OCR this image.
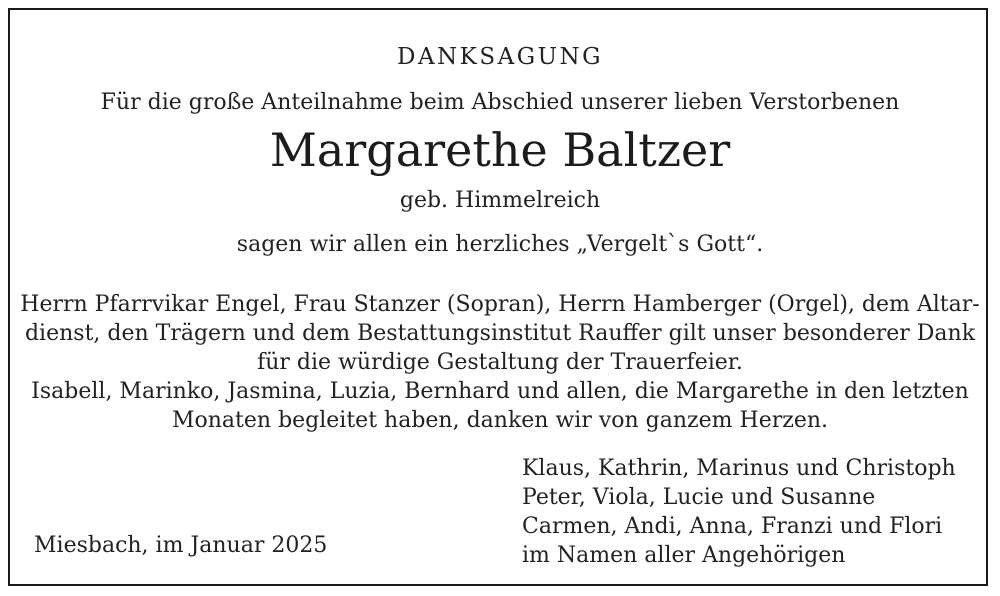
DANKSAGUNG
Für die große Anteilnahme beim Abschied unserer lieben Verstorbenen
Margarethe Baltzer
geb. Himmelreich
sagen wir allen ein herzliches „Vergelt`s Gott“.
Herrn Pfarrvikar Engel, Frau Stanzer (Sopran), Herrn Hamberger (Orgel), dem Altar-
dienst, den Trägern und dem Bestattungsinstitut Rauffer gilt unser besonderer Dank
für die würdige Gestaltung der Trauerfeier.
Isabell, Marinko, Jasmina, Luzia, Bernhard und allen, die Margarethe in den letzten
Monaten begleitet haben, danken wir von ganzem Herzen.
Miesbach, im Januar 2025
Klaus, Kathrin, Marinus und Christoph
Peter, Viola, Lucie und Susanne
Carmen, Andi, Anna, Franzi und Flori
im Namen aller Angehörigen
